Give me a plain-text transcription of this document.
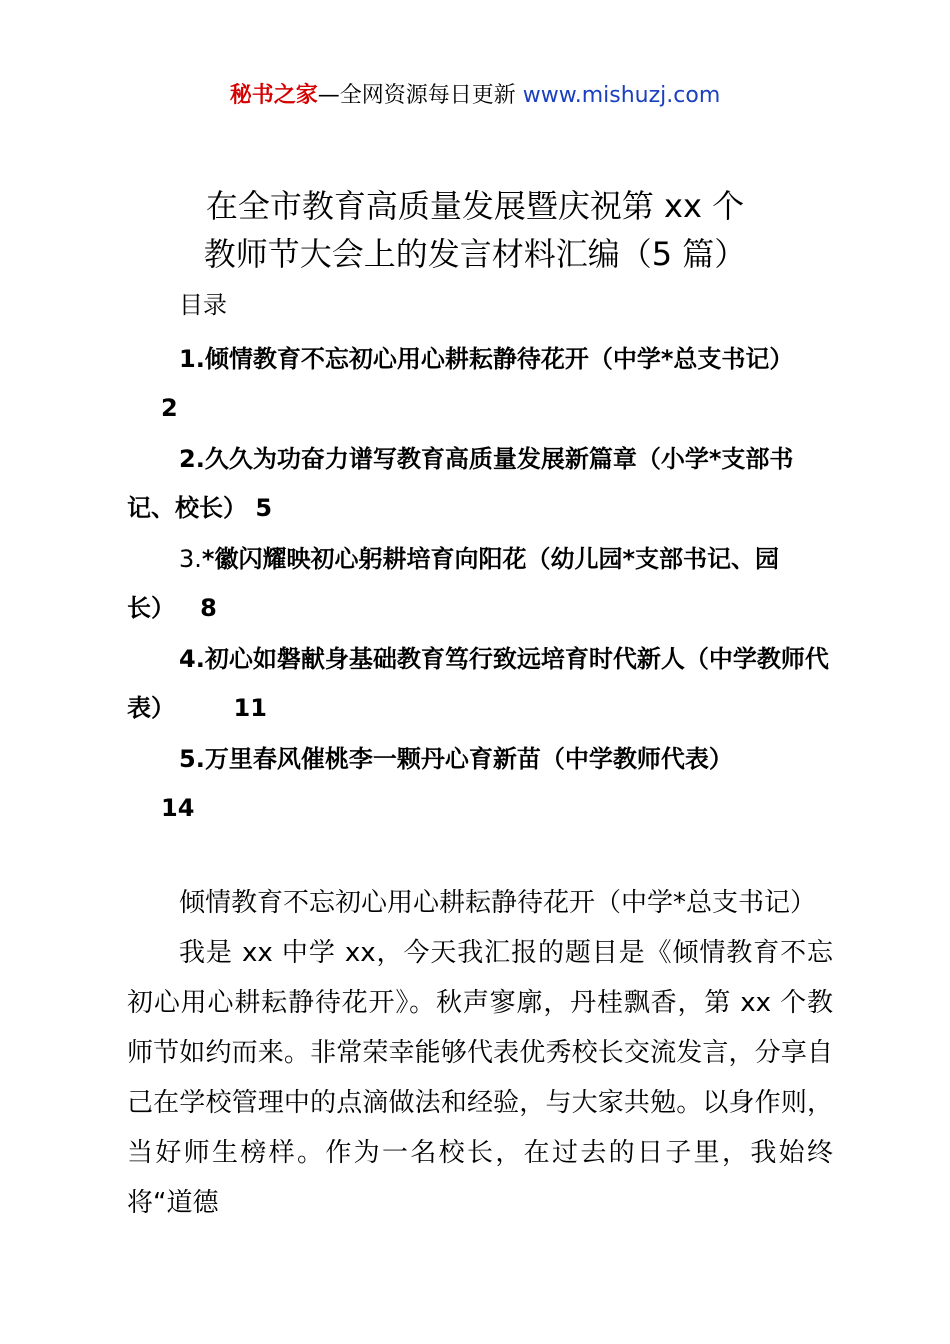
秘书之家—全网资源每日更新 www.mishuzj.com
在全市教育高质量发展暨庆祝第 xx 个
教师节大会上的发言材料汇编（5 篇）
目录
1.倾情教育不忘初心用心耕耘静待花开（中学*总支书记）
2
2.久久为功奋力谱写教育高质量发展新篇章（小学*支部书记、校长） 5
3.*徽闪耀映初心躬耕培育向阳花（幼儿园*支部书记、园长） 8
4.初心如磐献身基础教育笃行致远培育时代新人（中学教师代表） 11
5.万里春风催桃李一颗丹心育新苗（中学教师代表）
14

倾情教育不忘初心用心耕耘静待花开（中学*总支书记）

我是 xx 中学 xx，今天我汇报的题目是《倾情教育不忘初心用心耕耘静待花开》。秋声寥廓，丹桂飘香，第 xx 个教师节如约而来。非常荣幸能够代表优秀校长交流发言，分享自己在学校管理中的点滴做法和经验，与大家共勉。以身作则，当好师生榜样。作为一名校长，在过去的日子里，我始终将“道德
